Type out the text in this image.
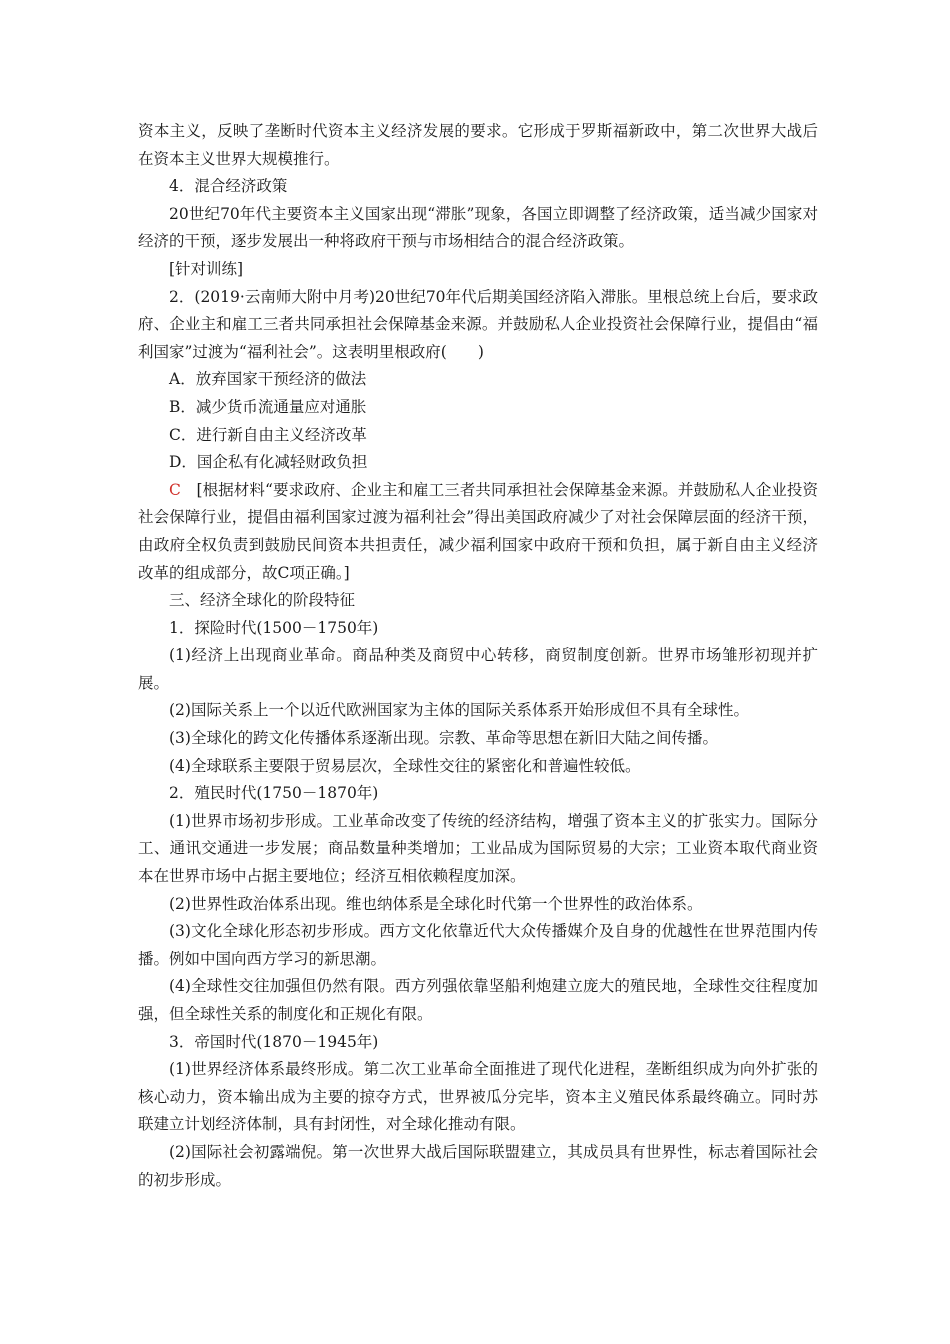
资本主义，反映了垄断时代资本主义经济发展的要求。它形成于罗斯福新政中，第二次世界大战后在资本主义世界大规模推行。

4．混合经济政策

20世纪70年代主要资本主义国家出现“滞胀”现象，各国立即调整了经济政策，适当减少国家对经济的干预，逐步发展出一种将政府干预与市场相结合的混合经济政策。

[针对训练]

2．(2019·云南师大附中月考)20世纪70年代后期美国经济陷入滞胀。里根总统上台后，要求政府、企业主和雇工三者共同承担社会保障基金来源。并鼓励私人企业投资社会保障行业，提倡由“福利国家”过渡为“福利社会”。这表明里根政府(　　)

A．放弃国家干预经济的做法

B．减少货币流通量应对通胀

C．进行新自由主义经济改革

D．国企私有化减轻财政负担

C　 [根据材料“要求政府、企业主和雇工三者共同承担社会保障基金来源。并鼓励私人企业投资社会保障行业，提倡由福利国家过渡为福利社会”得出美国政府减少了对社会保障层面的经济干预，由政府全权负责到鼓励民间资本共担责任，减少福利国家中政府干预和负担，属于新自由主义经济改革的组成部分，故C项正确。]

三、经济全球化的阶段特征

1．探险时代(1500－1750年)

(1)经济上出现商业革命。商品种类及商贸中心转移，商贸制度创新。世界市场雏形初现并扩展。

(2)国际关系上一个以近代欧洲国家为主体的国际关系体系开始形成但不具有全球性。

(3)全球化的跨文化传播体系逐渐出现。宗教、革命等思想在新旧大陆之间传播。

(4)全球联系主要限于贸易层次，全球性交往的紧密化和普遍性较低。

2．殖民时代(1750－1870年)

(1)世界市场初步形成。工业革命改变了传统的经济结构，增强了资本主义的扩张实力。国际分工、通讯交通进一步发展；商品数量种类增加；工业品成为国际贸易的大宗；工业资本取代商业资本在世界市场中占据主要地位；经济互相依赖程度加深。

(2)世界性政治体系出现。维也纳体系是全球化时代第一个世界性的政治体系。

(3)文化全球化形态初步形成。西方文化依靠近代大众传播媒介及自身的优越性在世界范围内传播。例如中国向西方学习的新思潮。

(4)全球性交往加强但仍然有限。西方列强依靠坚船利炮建立庞大的殖民地，全球性交往程度加强，但全球性关系的制度化和正规化有限。

3．帝国时代(1870－1945年)

(1)世界经济体系最终形成。第二次工业革命全面推进了现代化进程，垄断组织成为向外扩张的核心动力，资本输出成为主要的掠夺方式，世界被瓜分完毕，资本主义殖民体系最终确立。同时苏联建立计划经济体制，具有封闭性，对全球化推动有限。

(2)国际社会初露端倪。第一次世界大战后国际联盟建立，其成员具有世界性，标志着国际社会的初步形成。
